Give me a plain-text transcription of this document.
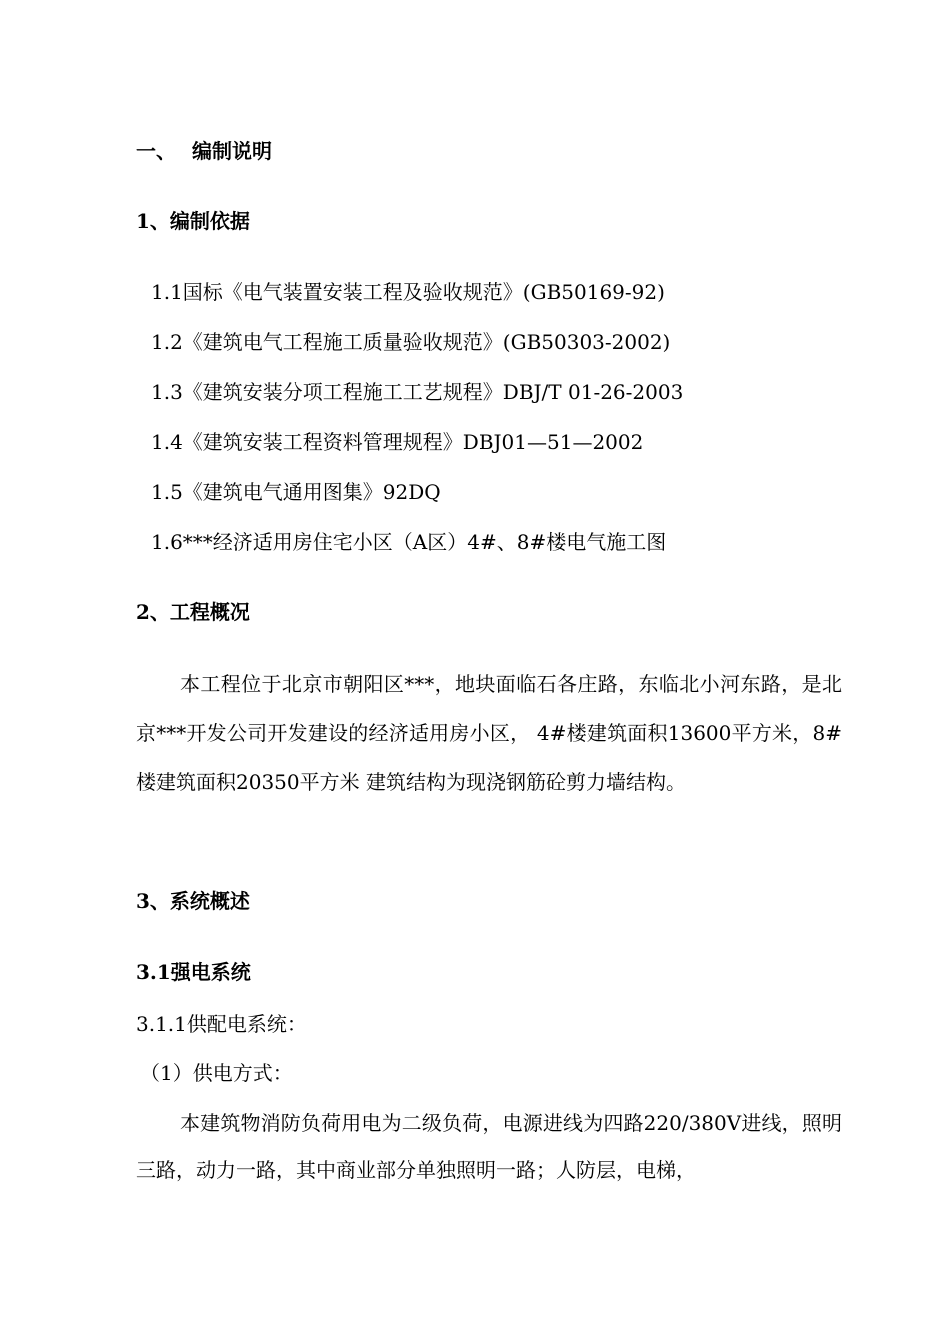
一、 编制说明
1、编制依据
1.1国标《电气装置安装工程及验收规范》(GB50169-92)
1.2《建筑电气工程施工质量验收规范》(GB50303-2002)
1.3《建筑安装分项工程施工工艺规程》DBJ/T 01-26-2003
1.4《建筑安装工程资料管理规程》DBJ01—51—2002
1.5《建筑电气通用图集》92DQ
1.6***经济适用房住宅小区（A区）4#、8#楼电气施工图
2、工程概况
本工程位于北京市朝阳区***，地块面临石各庄路，东临北小河东路，是北京***开发公司开发建设的经济适用房小区， 4#楼建筑面积13600平方米，8#楼建筑面积20350平方米 建筑结构为现浇钢筋砼剪力墙结构。
3、系统概述
3.1强电系统
3.1.1供配电系统：
（1）供电方式：
本建筑物消防负荷用电为二级负荷，电源进线为四路220/380V进线，照明三路，动力一路，其中商业部分单独照明一路；人防层，电梯，
